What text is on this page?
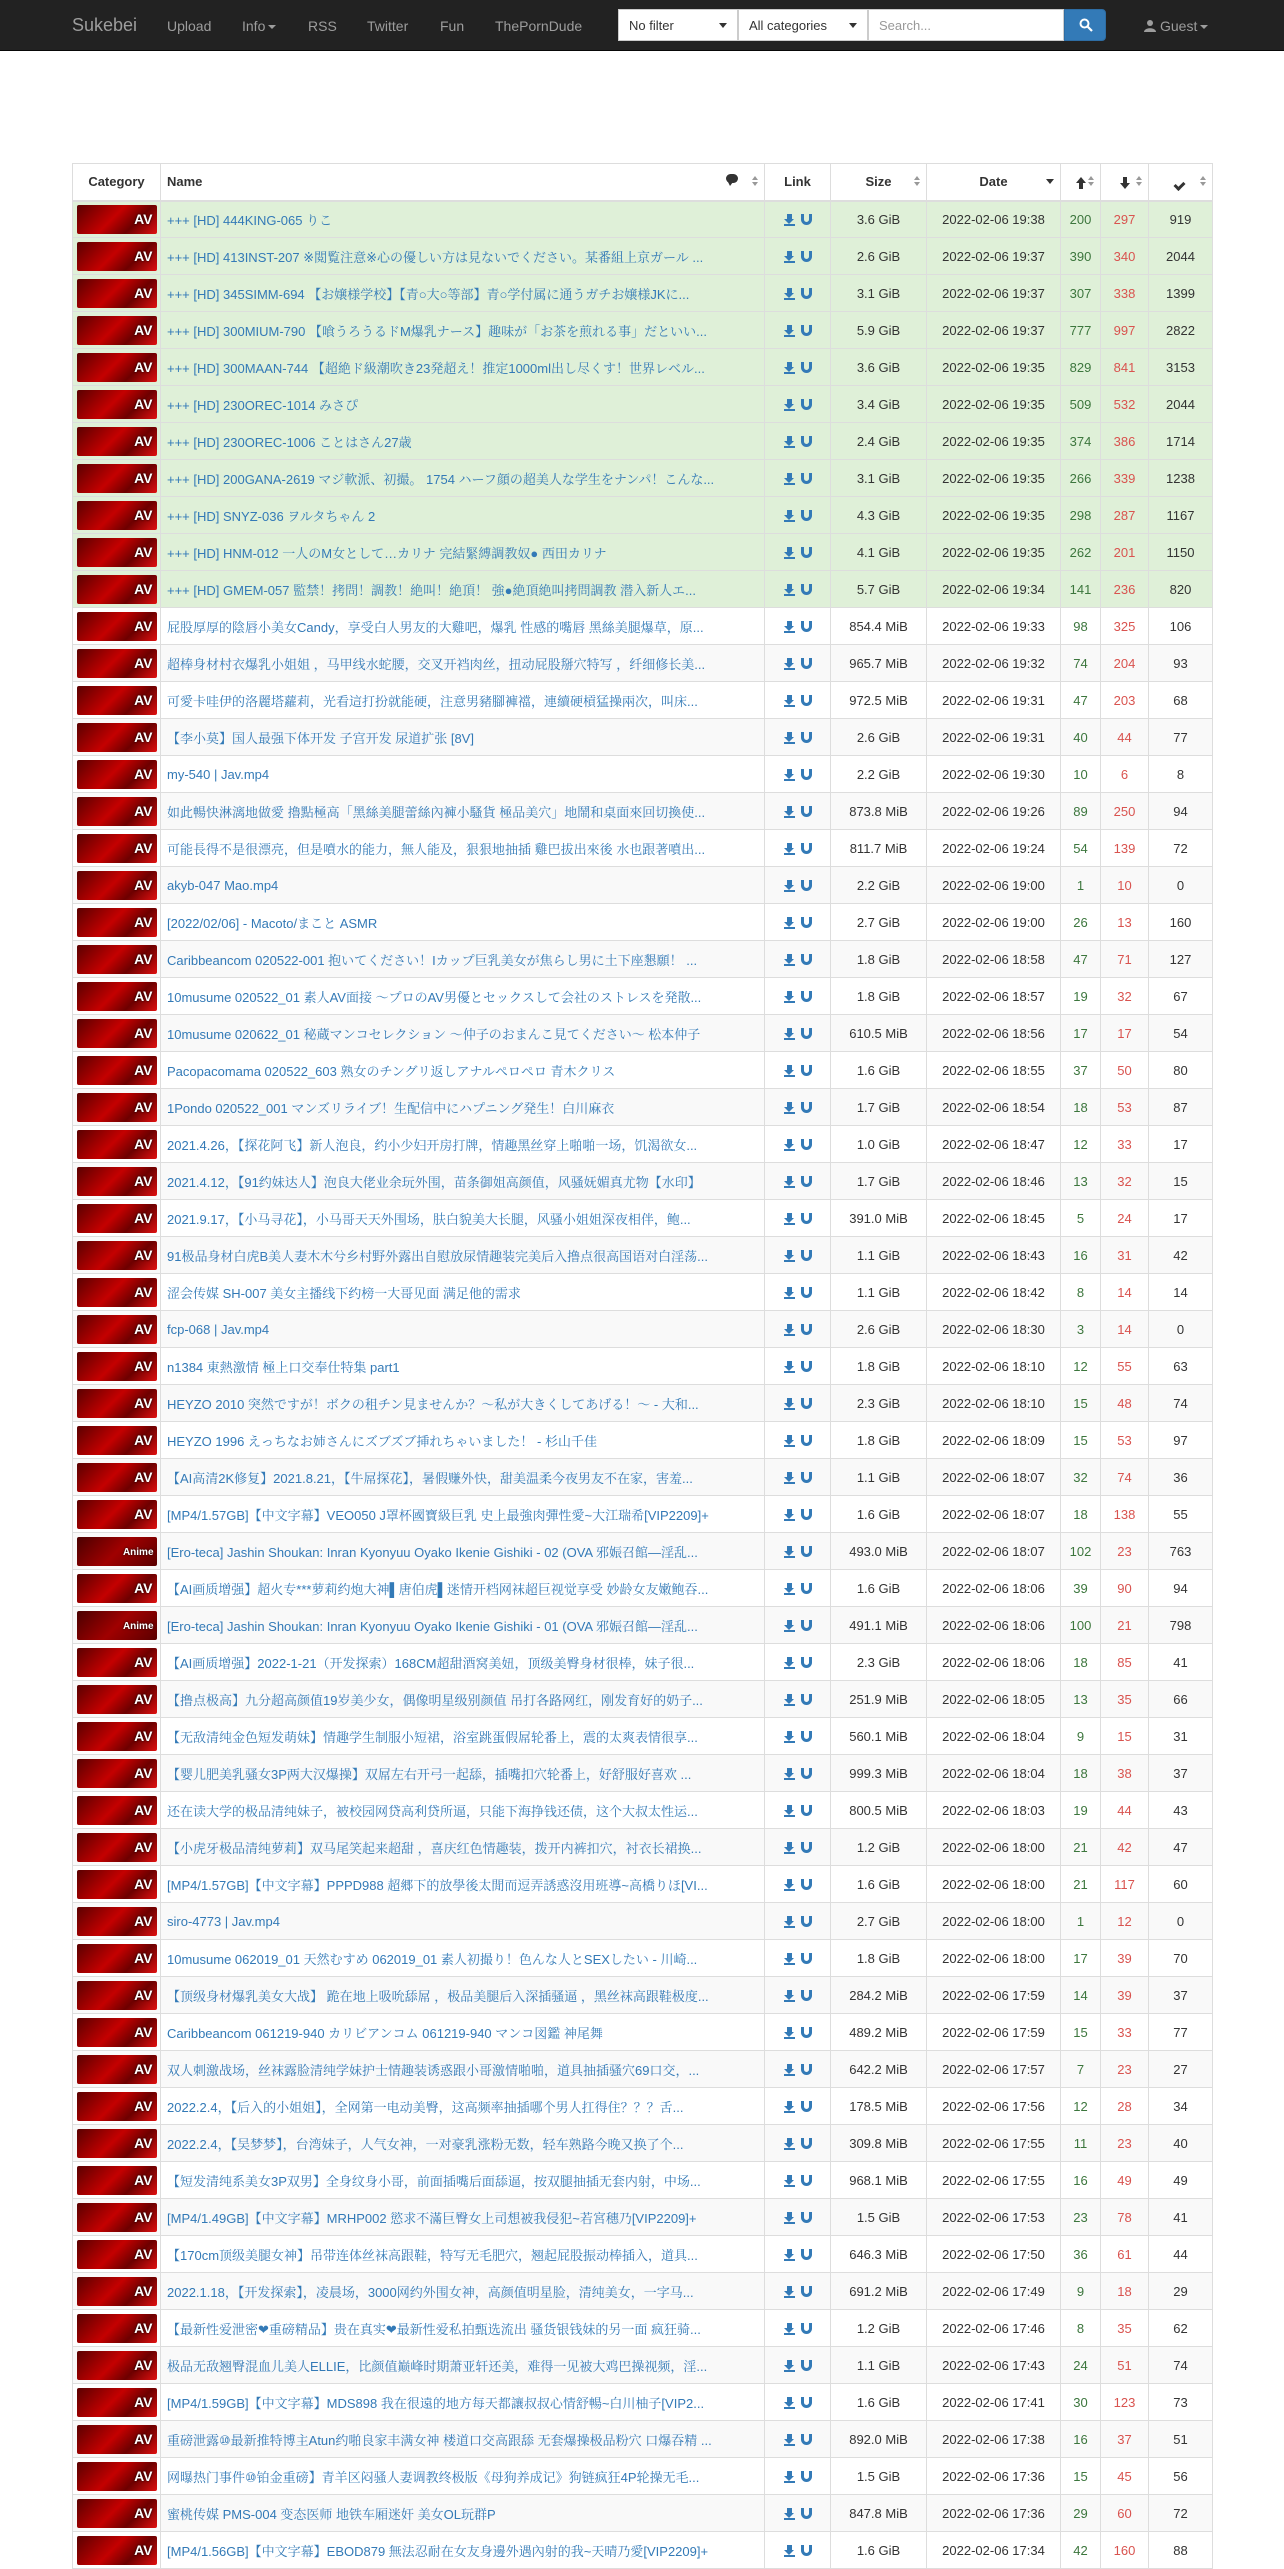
Sukebei Upload Info	RSS Twitter Fun ThePornDude	No filter	All categories	Search...	Guest
Category	Name	Link	Size	Date			

AV	+++ [HD] 444KING-065 りこ		3.6 GiB	2022-02-06 19:38	200	297	919

AV	+++ [HD] 413INST-207 ※閲覧注意※心の優しい方は見ないでください。某番組上京ガール ...		2.6 GiB	2022-02-06 19:37	390	340	2044

AV	+++ [HD] 345SIMM-694 【お嬢様学校】【青○大○等部】青○学付属に通うガチお嬢様JKに...		3.1 GiB	2022-02-06 19:37	307	338	1399

AV	+++ [HD] 300MIUM-790 【喰うろうるドM爆乳ナース】趣味が「お茶を煎れる事」だといい...		5.9 GiB	2022-02-06 19:37	777	997	2822

AV	+++ [HD] 300MAAN-744 【超絶ド級潮吹き23発超え！推定1000ml出し尽くす！世界レベル...		3.6 GiB	2022-02-06 19:35	829	841	3153

AV	+++ [HD] 230OREC-1014 みさぴ		3.4 GiB	2022-02-06 19:35	509	532	2044

AV	+++ [HD] 230OREC-1006 ことはさん27歳		2.4 GiB	2022-02-06 19:35	374	386	1714

AV	+++ [HD] 200GANA-2619 マジ軟派、初撮。 1754 ハーフ顔の超美人な学生をナンパ！こんな...		3.1 GiB	2022-02-06 19:35	266	339	1238

AV	+++ [HD] SNYZ-036 ヲルタちゃん 2		4.3 GiB	2022-02-06 19:35	298	287	1167

AV	+++ [HD] HNM-012 一人のM女として…カリナ 完結緊縛調教奴● 西田カリナ		4.1 GiB	2022-02-06 19:35	262	201	1150

AV	+++ [HD] GMEM-057 監禁！拷問！調教！絶叫！絶頂！ 強●絶頂絶叫拷問調教 潜入新人エ...		5.7 GiB	2022-02-06 19:34	141	236	820

AV	屁股厚厚的陰唇小美女Candy，享受白人男友的大雞吧，爆乳 性感的嘴唇 黑絲美腿爆草，原...		854.4 MiB	2022-02-06 19:33	98	325	106

AV	超棒身材村衣爆乳小姐姐 ，马甲线水蛇腰，交叉开裆肉丝，扭动屁股掰穴特写 ，纤细修长美...		965.7 MiB	2022-02-06 19:32	74	204	93

AV	可愛卡哇伊的洛麗塔蘿莉，光看這打扮就能硬，注意男豬腳褲襠，連續硬槓猛操兩次，叫床...		972.5 MiB	2022-02-06 19:31	47	203	68

AV	【李小莫】国人最强下体开发 子宫开发 尿道扩张 [8V]		2.6 GiB	2022-02-06 19:31	40	44	77

AV	my-540 | Jav.mp4		2.2 GiB	2022-02-06 19:30	10	6	8

AV	如此暢快淋漓地做愛 擼點極高「黑絲美腿蕾絲內褲小騷貨 極品美穴」地鬧和桌面來回切換使...		873.8 MiB	2022-02-06 19:26	89	250	94

AV	可能長得不是很漂亮，但是噴水的能力，無人能及，狠狠地抽插 雞巴拔出來後 水也跟著噴出...		811.7 MiB	2022-02-06 19:24	54	139	72

AV	akyb-047 Mao.mp4		2.2 GiB	2022-02-06 19:00	1	10	0

AV	[2022/02/06] - Macoto/まこと ASMR		2.7 GiB	2022-02-06 19:00	26	13	160

AV	Caribbeancom 020522-001 抱いてください！Iカップ巨乳美女が焦らし男に土下座懇願！ ...		1.8 GiB	2022-02-06 18:58	47	71	127

AV	10musume 020522_01 素人AV面接 ～プロのAV男優とセックスして会社のストレスを発散...		1.8 GiB	2022-02-06 18:57	19	32	67

AV	10musume 020622_01 秘蔵マンコセレクション 〜仲子のおまんこ見てください〜 松本仲子		610.5 MiB	2022-02-06 18:56	17	17	54

AV	Pacopacomama 020522_603 熟女のチングリ返しアナルペロペロ 青木クリス		1.6 GiB	2022-02-06 18:55	37	50	80

AV	1Pondo 020522_001 マンズリライブ！生配信中にハプニング発生！白川麻衣		1.7 GiB	2022-02-06 18:54	18	53	87

AV	2021.4.26，【探花阿飞】新人泡良，约小少妇开房打牌，情趣黑丝穿上啪啪一场，饥渴欲女...		1.0 GiB	2022-02-06 18:47	12	33	17

AV	2021.4.12，【91约妹达人】泡良大佬业余玩外围，苗条御姐高颜值，风骚妩媚真尤物【水印】		1.7 GiB	2022-02-06 18:46	13	32	15

AV	2021.9.17，【小马寻花】，小马哥天天外围场，肤白貌美大长腿，风骚小姐姐深夜相伴，鲍...		391.0 MiB	2022-02-06 18:45	5	24	17

AV	91极品身材白虎B美人妻木木兮乡村野外露出自慰放尿情趣装完美后入撸点很高国语对白淫荡...		1.1 GiB	2022-02-06 18:43	16	31	42

AV	涩会传媒 SH-007 美女主播线下约榜一大哥见面 满足他的需求		1.1 GiB	2022-02-06 18:42	8	14	14

AV	fcp-068 | Jav.mp4		2.6 GiB	2022-02-06 18:30	3	14	0

AV	n1384 東熱激情 極上口交奉仕特集 part1		1.8 GiB	2022-02-06 18:10	12	55	63

AV	HEYZO 2010 突然ですが！ボクの租チン見ませんか？～私が大きくしてあげる！～ - 大和...		2.3 GiB	2022-02-06 18:10	15	48	74

AV	HEYZO 1996 えっちなお姉さんにズブズブ挿れちゃいました！ - 杉山千佳		1.8 GiB	2022-02-06 18:09	15	53	97

AV	【AI高清2K修复】2021.8.21，【牛屌探花】，暑假赚外快，甜美温柔今夜男友不在家，害羞...		1.1 GiB	2022-02-06 18:07	32	74	36

AV	[MP4/1.57GB]【中文字幕】VEO050 J罩杯國寶級巨乳 史上最強肉彈性愛~大江瑞希[VIP2209]+		1.6 GiB	2022-02-06 18:07	18	138	55

Anime	[Ero-teca] Jashin Shoukan: Inran Kyonyuu Oyako Ikenie Gishiki - 02 (OVA 邪娠召館―淫乱...		493.0 MiB	2022-02-06 18:07	102	23	763

AV	【AI画质增强】超火专***萝莉约炮大神▌唐伯虎▌迷情开档网袜超巨视觉享受 妙龄女友嫩鲍吞...		1.6 GiB	2022-02-06 18:06	39	90	94

Anime	[Ero-teca] Jashin Shoukan: Inran Kyonyuu Oyako Ikenie Gishiki - 01 (OVA 邪娠召館―淫乱...		491.1 MiB	2022-02-06 18:06	100	21	798

AV	【AI画质增强】2022-1-21（开发探索）168CM超甜酒窝美妞，顶级美臀身材很棒，妹子很...		2.3 GiB	2022-02-06 18:06	18	85	41

AV	【撸点极高】九分超高颜值19岁美少女，偶像明星级别颜值 吊打各路网红，刚发育好的奶子...		251.9 MiB	2022-02-06 18:05	13	35	66

AV	【无敌清纯金色短发萌妹】情趣学生制服小短裙，浴室跳蛋假屌轮番上，震的太爽表情很享...		560.1 MiB	2022-02-06 18:04	9	15	31

AV	【婴儿肥美乳骚女3P两大汉爆操】双屌左右开弓一起舔，插嘴扣穴轮番上，好舒服好喜欢 ...		999.3 MiB	2022-02-06 18:04	18	38	37

AV	还在读大学的极品清纯妹子，被校园网贷高利贷所逼，只能下海挣钱还债，这个大叔太性运...		800.5 MiB	2022-02-06 18:03	19	44	43

AV	【小虎牙极品清纯萝莉】双马尾笑起来超甜 ，喜庆红色情趣装，拨开内裤扣穴，衬衣长裙换...		1.2 GiB	2022-02-06 18:00	21	42	47

AV	[MP4/1.57GB]【中文字幕】PPPD988 超郷下的放學後太閒而逗弄誘惑沒用班導~高橋りほ[VI...		1.6 GiB	2022-02-06 18:00	21	117	60

AV	siro-4773 | Jav.mp4		2.7 GiB	2022-02-06 18:00	1	12	0

AV	10musume 062019_01 天然むすめ 062019_01 素人初撮り！色んな人とSEXしたい - 川崎...		1.8 GiB	2022-02-06 18:00	17	39	70

AV	【顶级身材爆乳美女大战】 跪在地上吸吮舔屌 ，极品美腿后入深插骚逼 ，黑丝袜高跟鞋极度...		284.2 MiB	2022-02-06 17:59	14	39	37

AV	Caribbeancom 061219-940 カリビアンコム 061219-940 マンコ図鑑 神尾舞		489.2 MiB	2022-02-06 17:59	15	33	77

AV	双人刺激战场，丝袜露脸清纯学妹护士情趣装诱惑跟小哥激情啪啪，道具抽插骚穴69口交，...		642.2 MiB	2022-02-06 17:57	7	23	27

AV	2022.2.4，【后入的小姐姐】，全网第一电动美臀，这高频率抽插哪个男人扛得住？？？舌...		178.5 MiB	2022-02-06 17:56	12	28	34

AV	2022.2.4，【吴梦梦】，台湾妹子，人气女神，一对豪乳涨粉无数，轻车熟路今晚又换了个...		309.8 MiB	2022-02-06 17:55	11	23	40

AV	【短发清纯系美女3P双男】全身纹身小哥，前面插嘴后面舔逼，按双腿抽插无套内射，中场...		968.1 MiB	2022-02-06 17:55	16	49	49

AV	[MP4/1.49GB]【中文字幕】MRHP002 慾求不滿巨臀女上司想被我侵犯~若宮穗乃[VIP2209]+		1.5 GiB	2022-02-06 17:53	23	78	41

AV	【170cm顶级美腿女神】吊带连体丝袜高跟鞋，特写无毛肥穴，翘起屁股振动棒插入，道具...		646.3 MiB	2022-02-06 17:50	36	61	44

AV	2022.1.18，【开发探索】，凌晨场，3000网约外围女神，高颜值明星脸，清纯美女，一字马...		691.2 MiB	2022-02-06 17:49	9	18	29

AV	【最新性爱泄密❤重磅精品】贵在真实❤最新性爱私拍甄选流出 骚货银钱妹的另一面 疯狂骑...		1.2 GiB	2022-02-06 17:46	8	35	62

AV	极品无敌翘臀混血儿美人ELLIE，比颜值巅峰时期萧亚轩还美，难得一见被大鸡巴操视频，淫...		1.1 GiB	2022-02-06 17:43	24	51	74

AV	[MP4/1.59GB]【中文字幕】MDS898 我在很遠的地方每天都讓叔叔心情舒暢~白川柚子[VIP2...		1.6 GiB	2022-02-06 17:41	30	123	73

AV	重磅泄露⑩最新推特博主Atun约啪良家丰满女神 楼道口交高跟舔 无套爆操极品粉穴 口爆吞精 ...		892.0 MiB	2022-02-06 17:38	16	37	51

AV	网曝热门事件⑩铂金重磅】青羊区闷骚人妻调教终极版《母狗养成记》狗链疯狂4P轮操无毛...		1.5 GiB	2022-02-06 17:36	15	45	56

AV	蜜桃传媒 PMS-004 变态医师 地铁车厢迷奸 美女OL玩群P		847.8 MiB	2022-02-06 17:36	29	60	72

AV	[MP4/1.56GB]【中文字幕】EBOD879 無法忍耐在女友身邊外遇內射的我~天晴乃愛[VIP2209]+		1.6 GiB	2022-02-06 17:34	42	160	88
